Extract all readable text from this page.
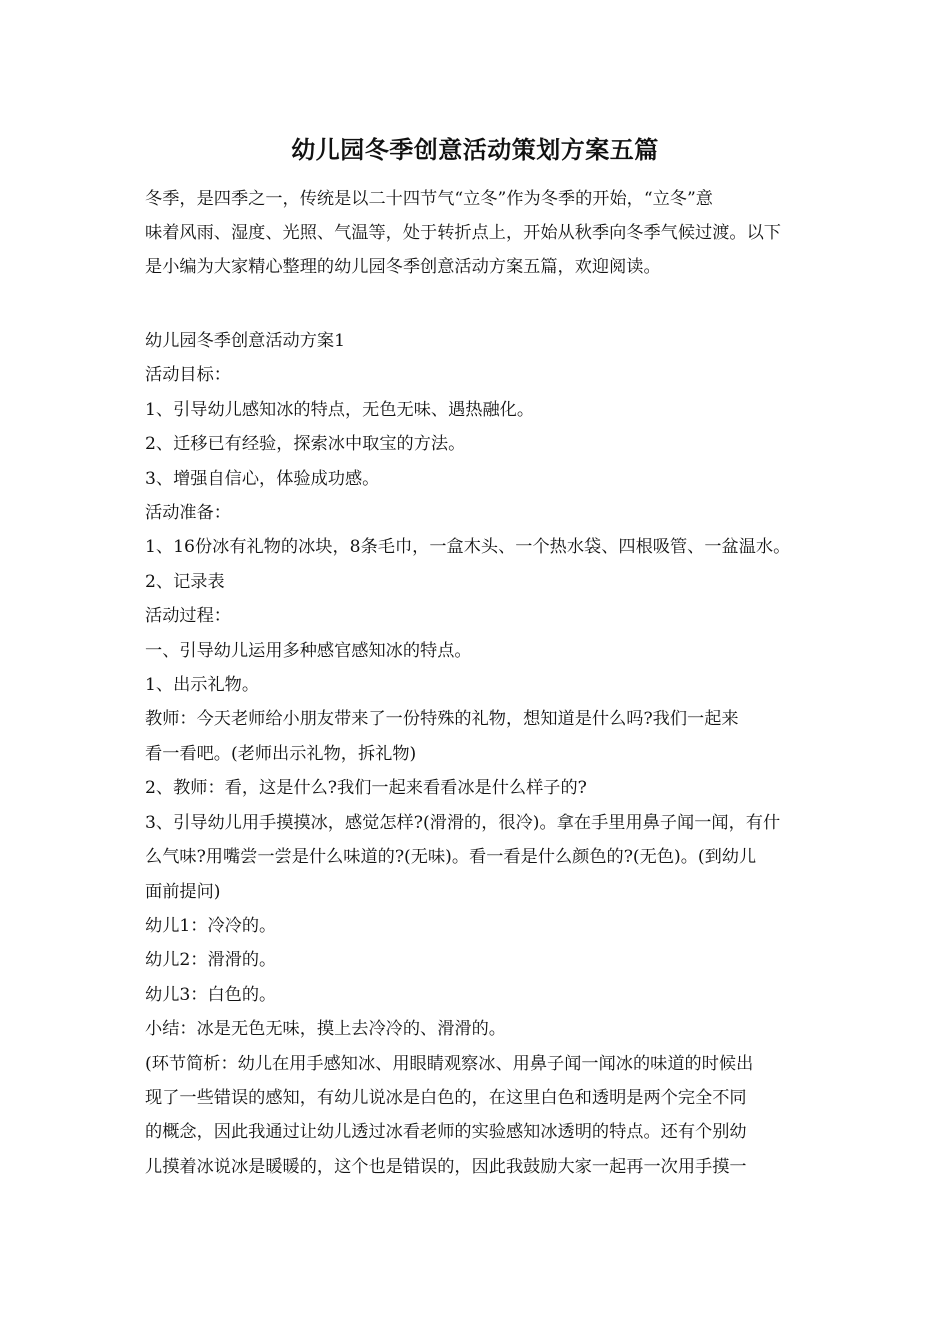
幼儿园冬季创意活动策划方案五篇
冬季，是四季之一，传统是以二十四节气“立冬”作为冬季的开始，“立冬”意
味着风雨、湿度、光照、气温等，处于转折点上，开始从秋季向冬季气候过渡。以下
是小编为大家精心整理的幼儿园冬季创意活动方案五篇，欢迎阅读。
幼儿园冬季创意活动方案1
活动目标：
1、引导幼儿感知冰的特点，无色无味、遇热融化。
2、迁移已有经验，探索冰中取宝的方法。
3、增强自信心，体验成功感。
活动准备：
1、16份冰有礼物的冰块，8条毛巾，一盒木头、一个热水袋、四根吸管、一盆温水。
2、记录表
活动过程：
一、引导幼儿运用多种感官感知冰的特点。
1、出示礼物。
教师：今天老师给小朋友带来了一份特殊的礼物，想知道是什么吗?我们一起来
看一看吧。(老师出示礼物，拆礼物)
2、教师：看，这是什么?我们一起来看看冰是什么样子的?
3、引导幼儿用手摸摸冰，感觉怎样?(滑滑的，很冷)。拿在手里用鼻子闻一闻，有什
么气味?用嘴尝一尝是什么味道的?(无味)。看一看是什么颜色的?(无色)。(到幼儿
面前提问)
幼儿1：冷冷的。
幼儿2：滑滑的。
幼儿3：白色的。
小结：冰是无色无味，摸上去冷冷的、滑滑的。
(环节简析：幼儿在用手感知冰、用眼睛观察冰、用鼻子闻一闻冰的味道的时候出
现了一些错误的感知，有幼儿说冰是白色的，在这里白色和透明是两个完全不同
的概念，因此我通过让幼儿透过冰看老师的实验感知冰透明的特点。还有个别幼
儿摸着冰说冰是暖暖的，这个也是错误的，因此我鼓励大家一起再一次用手摸一
